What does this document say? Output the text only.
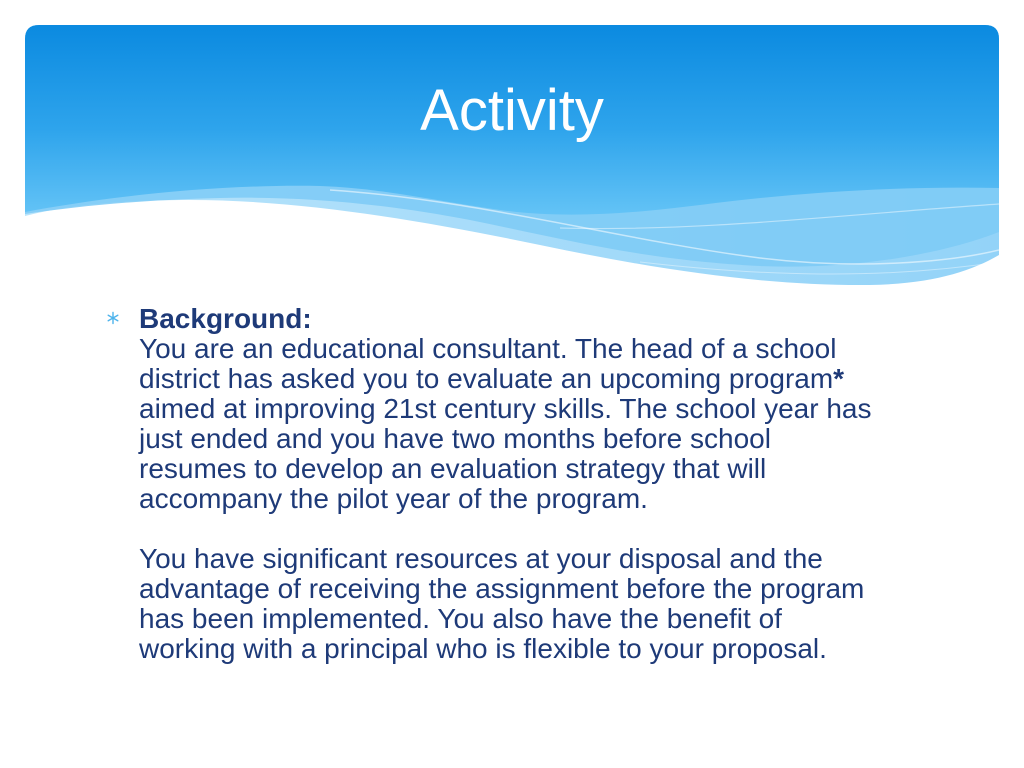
Activity
Background:
You are an educational consultant. The head of a school
district has asked you to evaluate an upcoming program*
aimed at improving 21st century skills. The school year has
just ended and you have two months before school
resumes to develop an evaluation strategy that will
accompany the pilot year of the program.
You have significant resources at your disposal and the
advantage of receiving the assignment before the program
has been implemented. You also have the benefit of
working with a principal who is flexible to your proposal.
